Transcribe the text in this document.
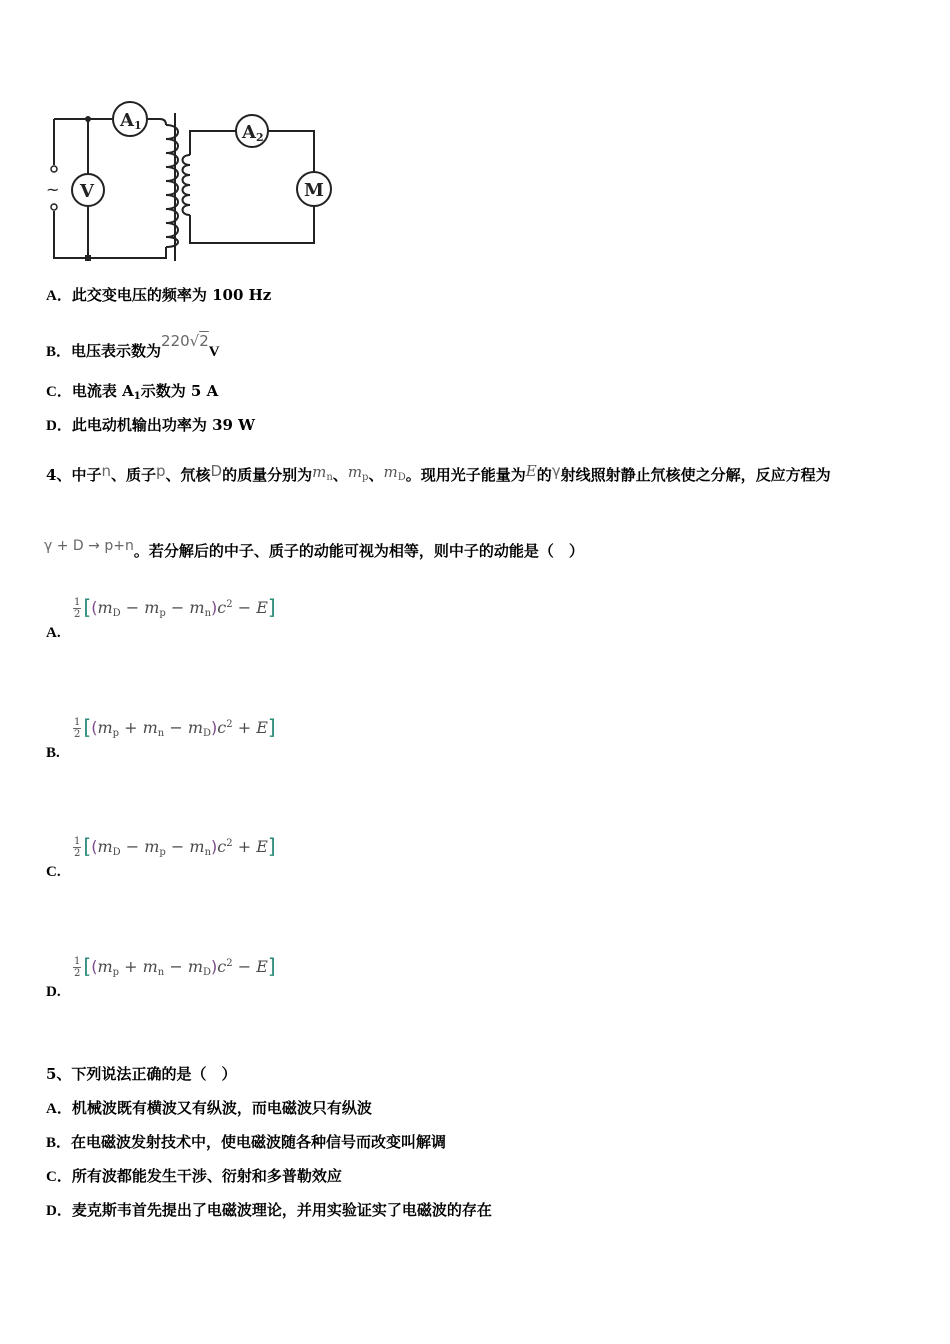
~ V
A1	A2
M
A．此交变电压的频率为 100 Hz
B．电压表示数为220√2V
C．电流表 $A_1$示数为 5 A
D．此电动机输出功率为 39 W
4、中子n、质子p、氘核D的质量分别为$m_n$、$m_p$、$m_D$。现用光子能量为E的γ射线照射静止氘核使之分解，反应方程为
γ + D → p+n。若分解后的中子、质子的动能可视为相等，则中子的动能是（　）
$\frac{1}{2} [(m_D - m_p - m_n)c^2 - E]$
A.
$\frac{1}{2} [(m_p + m_n - m_D)c^2 + E]$
B.
$\frac{1}{2} [(m_D - m_p - m_n)c^2 + E]$
C.
$\frac{1}{2} [(m_p + m_n - m_D)c^2 - E]$
D.
5、下列说法正确的是（　）
A．机械波既有横波又有纵波，而电磁波只有纵波
B．在电磁波发射技术中，使电磁波随各种信号而改变叫解调
C．所有波都能发生干涉、衍射和多普勒效应
D．麦克斯韦首先提出了电磁波理论，并用实验证实了电磁波的存在
